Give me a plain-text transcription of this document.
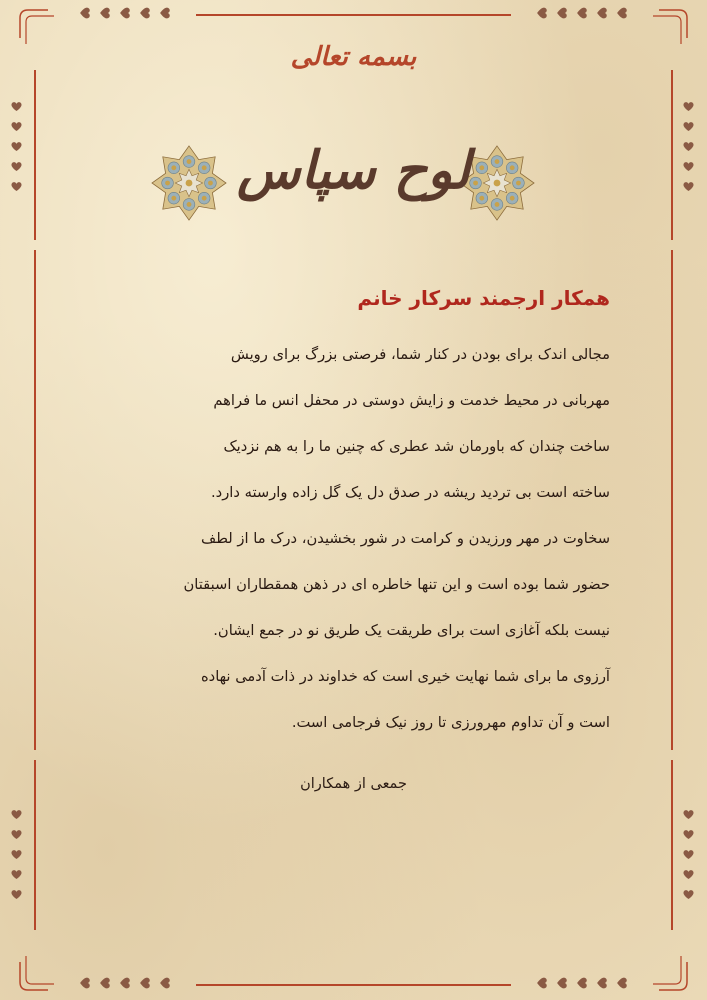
بسمه تعالی
لوح سپاس
همکار ارجمند سرکار خانم
مجالی اندک برای بودن در کنار شما، فرصتی بزرگ برای رویش
مهربانی در محیط خدمت و زایش دوستی در محفل انس ما فراهم
ساخت چندان که باورمان شد عطری که چنین ما را به هم نزدیک
ساخته است بی تردید ریشه در صدق دل یک گل زاده وارسته دارد.
سخاوت در مهر ورزیدن و کرامت در شور بخشیدن، درک ما از لطف
حضور شما بوده است و این تنها خاطره ای در ذهن همقطاران اسبقتان
نیست بلکه آغازی است برای طریقت یک طریق نو در جمع ایشان.
آرزوی ما برای شما نهایت خیری است که خداوند در ذات آدمی نهاده
است و آن تداوم مهرورزی تا روز نیک فرجامی است.
جمعی از همکاران
